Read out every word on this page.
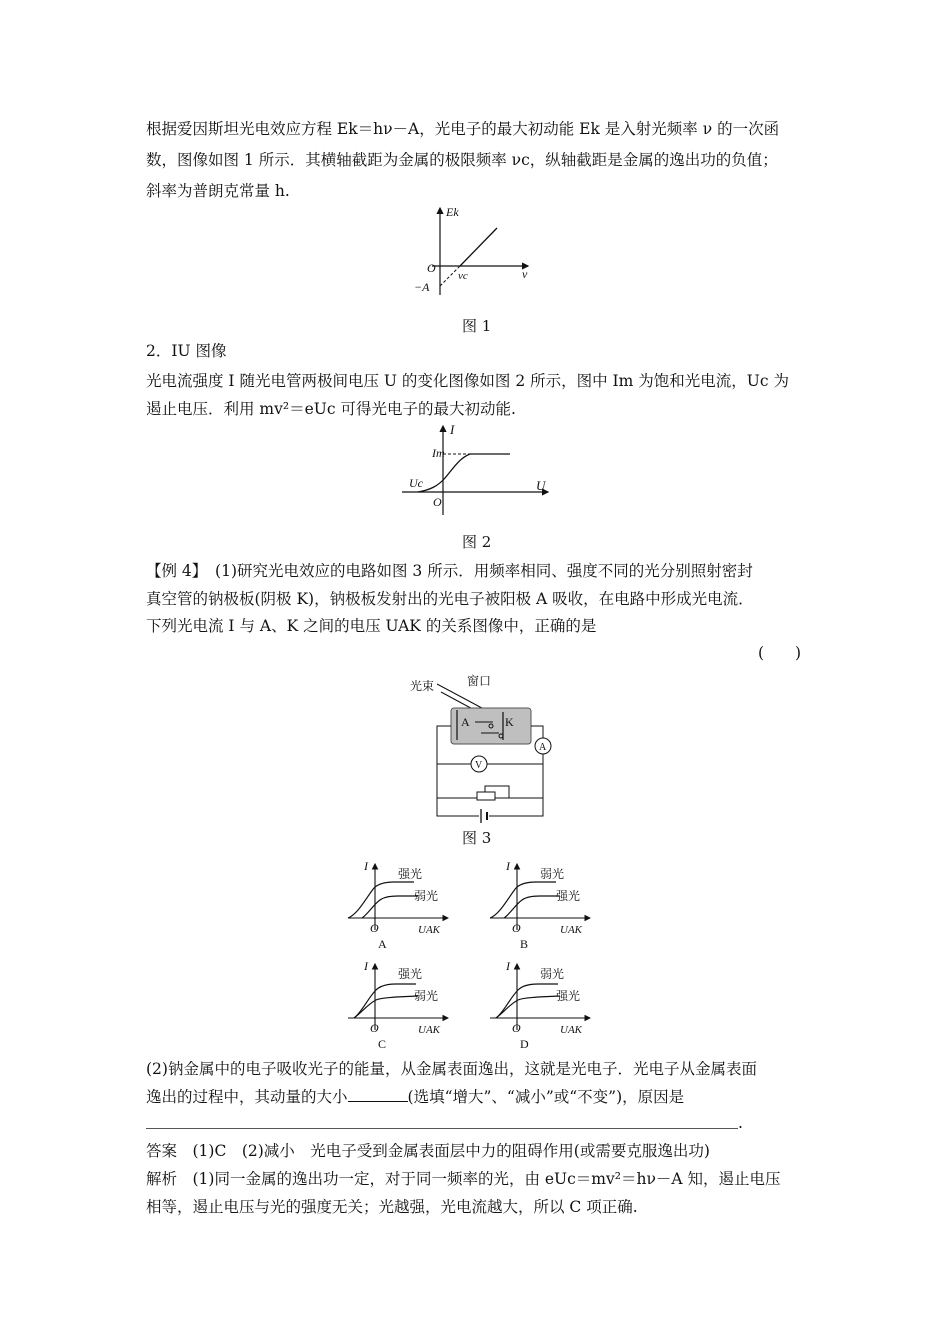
根据爱因斯坦光电效应方程 Ek＝hν－A，光电子的最大初动能 Ek 是入射光频率 ν 的一次函
数，图像如图 1 所示．其横轴截距为金属的极限频率 νc，纵轴截距是金属的逸出功的负值；
斜率为普朗克常量 h.
Ek
ν
O
−A
νc
图 1
2．IU 图像
光电流强度 I 随光电管两极间电压 U 的变化图像如图 2 所示，图中 Im 为饱和光电流，Uc 为
遏止电压．利用 mv²＝eUc 可得光电子的最大初动能.
I
U
O
Im
Uc
图 2
【例 4】　(1)研究光电效应的电路如图 3 所示．用频率相同、强度不同的光分别照射密封
真空管的钠极板(阴极 K)，钠极板发射出的光电子被阳极 A 吸收，在电路中形成光电流．
下列光电流 I 与 A、K 之间的电压 UAK 的关系图像中，正确的是
(　　)
光束	窗口
A	K
A
V
图 3
I
强光
弱光
O	UAK
A
I
弱光
强光
O	UAK
B
I
强光
弱光
O	UAK
C
I
弱光
强光
O	UAK
D
(2)钠金属中的电子吸收光子的能量，从金属表面逸出，这就是光电子．光电子从金属表面
逸出的过程中，其动量的大小	(选填“增大”、“减小”或“不变”)，原因是
.
答案　(1)C　(2)减小　光电子受到金属表面层中力的阻碍作用(或需要克服逸出功)
解析　(1)同一金属的逸出功一定，对于同一频率的光，由 eUc＝mv²＝hν－A 知，遏止电压
相等，遏止电压与光的强度无关；光越强，光电流越大，所以 C 项正确.
